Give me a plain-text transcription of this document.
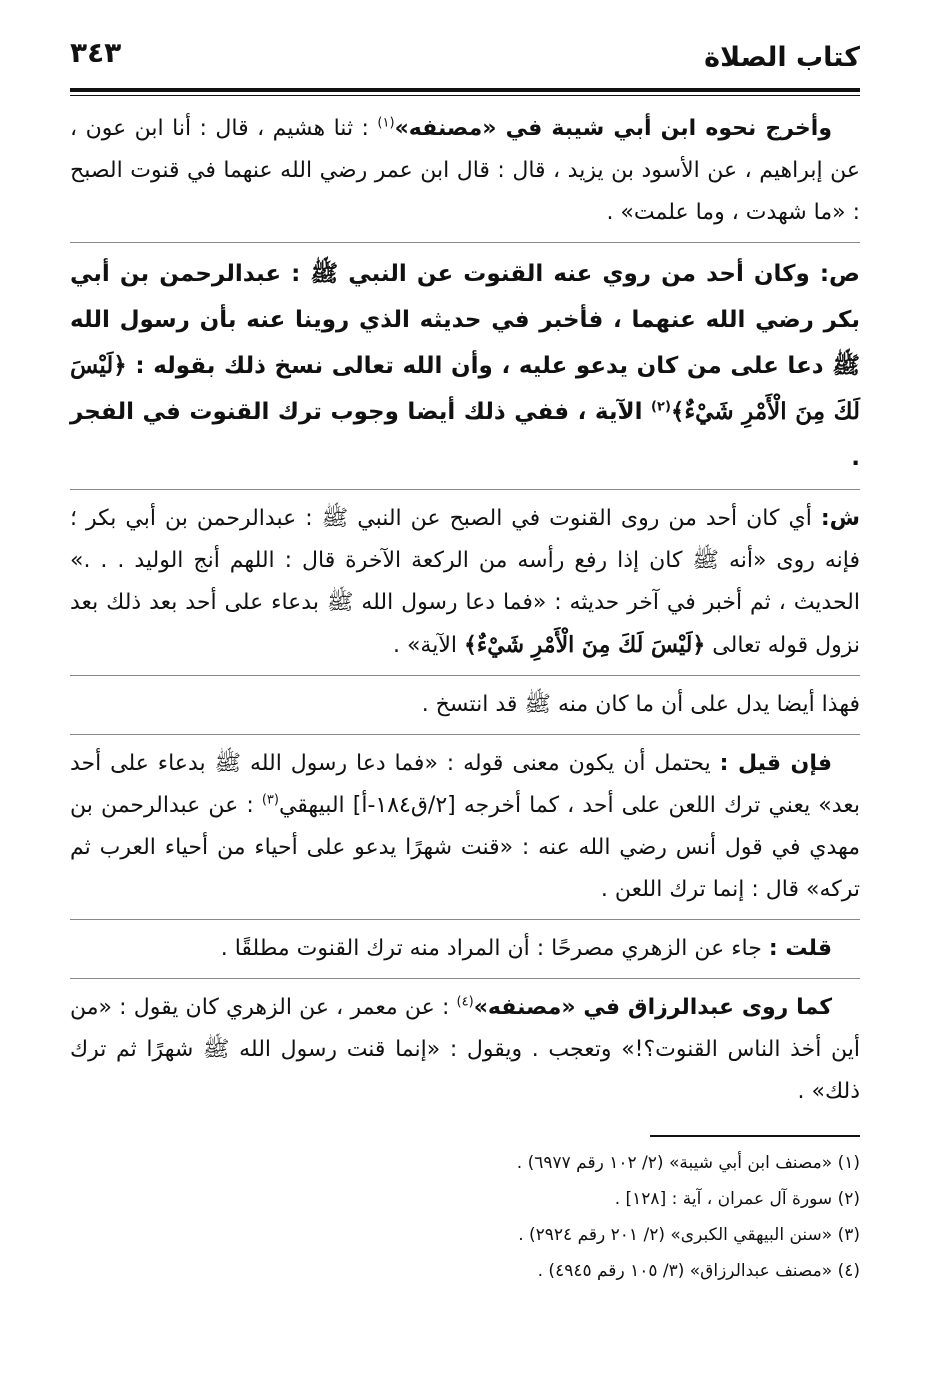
كتاب الصلاة
٣٤٣

وأخرج نحوه ابن أبي شيبة في «مصنفه»$^{(١)}$ : ثنا هشيم ، قال : أنا ابن عون ، عن إبراهيم ، عن الأسود بن يزيد ، قال : قال ابن عمر رضي الله عنهما في قنوت الصبح : «ما شهدت ، وما علمت» .

ص: وكان أحد من روي عنه القنوت عن النبي ﷺ : عبدالرحمن بن أبي بكر رضي الله عنهما ، فأخبر في حديثه الذي روينا عنه بأن رسول الله ﷺ دعا على من كان يدعو عليه ، وأن الله تعالى نسخ ذلك بقوله : ﴿لَيْسَ لَكَ مِنَ الْأَمْرِ شَيْءٌ﴾$^{(٢)}$ الآية ، ففي ذلك أيضا وجوب ترك القنوت في الفجر .

ش: أي كان أحد من روى القنوت في الصبح عن النبي ﷺ : عبدالرحمن بن أبي بكر ؛ فإنه روى «أنه ﷺ كان إذا رفع رأسه من الركعة الآخرة قال : اللهم أنج الوليد . . .» الحديث ، ثم أخبر في آخر حديثه : «فما دعا رسول الله ﷺ بدعاء على أحد بعد ذلك بعد نزول قوله تعالى ﴿لَيْسَ لَكَ مِنَ الْأَمْرِ شَيْءٌ﴾ الآية» .

فهذا أيضا يدل على أن ما كان منه ﷺ قد انتسخ .

فإن قيل : يحتمل أن يكون معنى قوله : «فما دعا رسول الله ﷺ بدعاء على أحد بعد» يعني ترك اللعن على أحد ، كما أخرجه [٢/ق١٨٤-أ] البيهقي$^{(٣)}$ : عن عبدالرحمن بن مهدي في قول أنس رضي الله عنه : «قنت شهرًا يدعو على أحياء من أحياء العرب ثم تركه» قال : إنما ترك اللعن .

قلت : جاء عن الزهري مصرحًا : أن المراد منه ترك القنوت مطلقًا .

كما روى عبدالرزاق في «مصنفه»$^{(٤)}$ : عن معمر ، عن الزهري كان يقول : «من أين أخذ الناس القنوت؟!» وتعجب . ويقول : «إنما قنت رسول الله ﷺ شهرًا ثم ترك ذلك» .

(١) «مصنف ابن أبي شيبة» (٢/ ١٠٢ رقم ٦٩٧٧) .

(٢) سورة آل عمران ، آية : [١٢٨] .

(٣) «سنن البيهقي الكبرى» (٢/ ٢٠١ رقم ٢٩٢٤) .

(٤) «مصنف عبدالرزاق» (٣/ ١٠٥ رقم ٤٩٤٥) .
